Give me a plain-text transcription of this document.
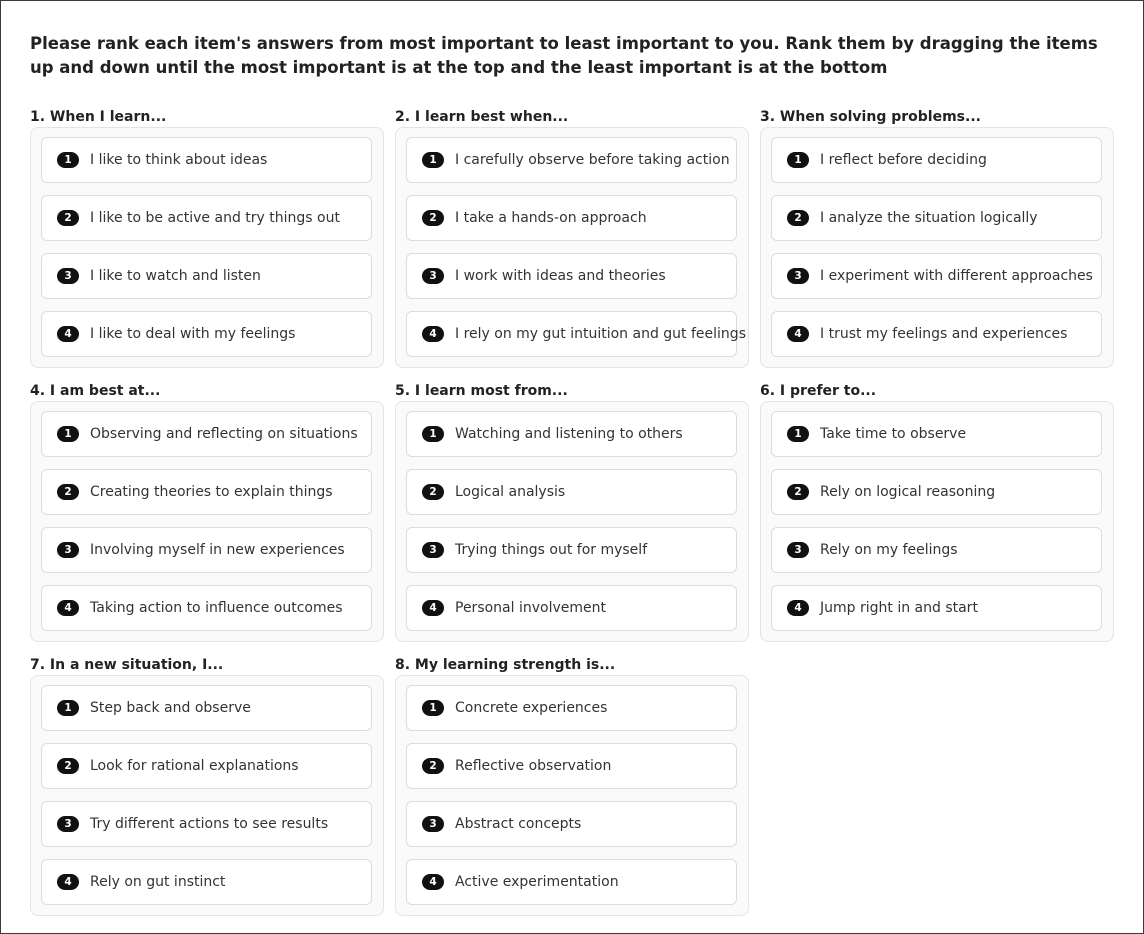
Please rank each item's answers from most important to least important to you. Rank them by dragging the items up and down until the most important is at the top and the least important is at the bottom

1. When I learn...
1	I like to think about ideas
2	I like to be active and try things out
3	I like to watch and listen
4	I like to deal with my feelings
2. I learn best when...
1	I carefully observe before taking action
2	I take a hands-on approach
3	I work with ideas and theories
4	I rely on my gut intuition and gut feelings
3. When solving problems...
1	I reflect before deciding
2	I analyze the situation logically
3	I experiment with different approaches
4	I trust my feelings and experiences
4. I am best at...
1	Observing and reflecting on situations
2	Creating theories to explain things
3	Involving myself in new experiences
4	Taking action to influence outcomes
5. I learn most from...
1	Watching and listening to others
2	Logical analysis
3	Trying things out for myself
4	Personal involvement
6. I prefer to...
1	Take time to observe
2	Rely on logical reasoning
3	Rely on my feelings
4	Jump right in and start
7. In a new situation, I...
1	Step back and observe
2	Look for rational explanations
3	Try different actions to see results
4	Rely on gut instinct
8. My learning strength is...
1	Concrete experiences
2	Reflective observation
3	Abstract concepts
4	Active experimentation
